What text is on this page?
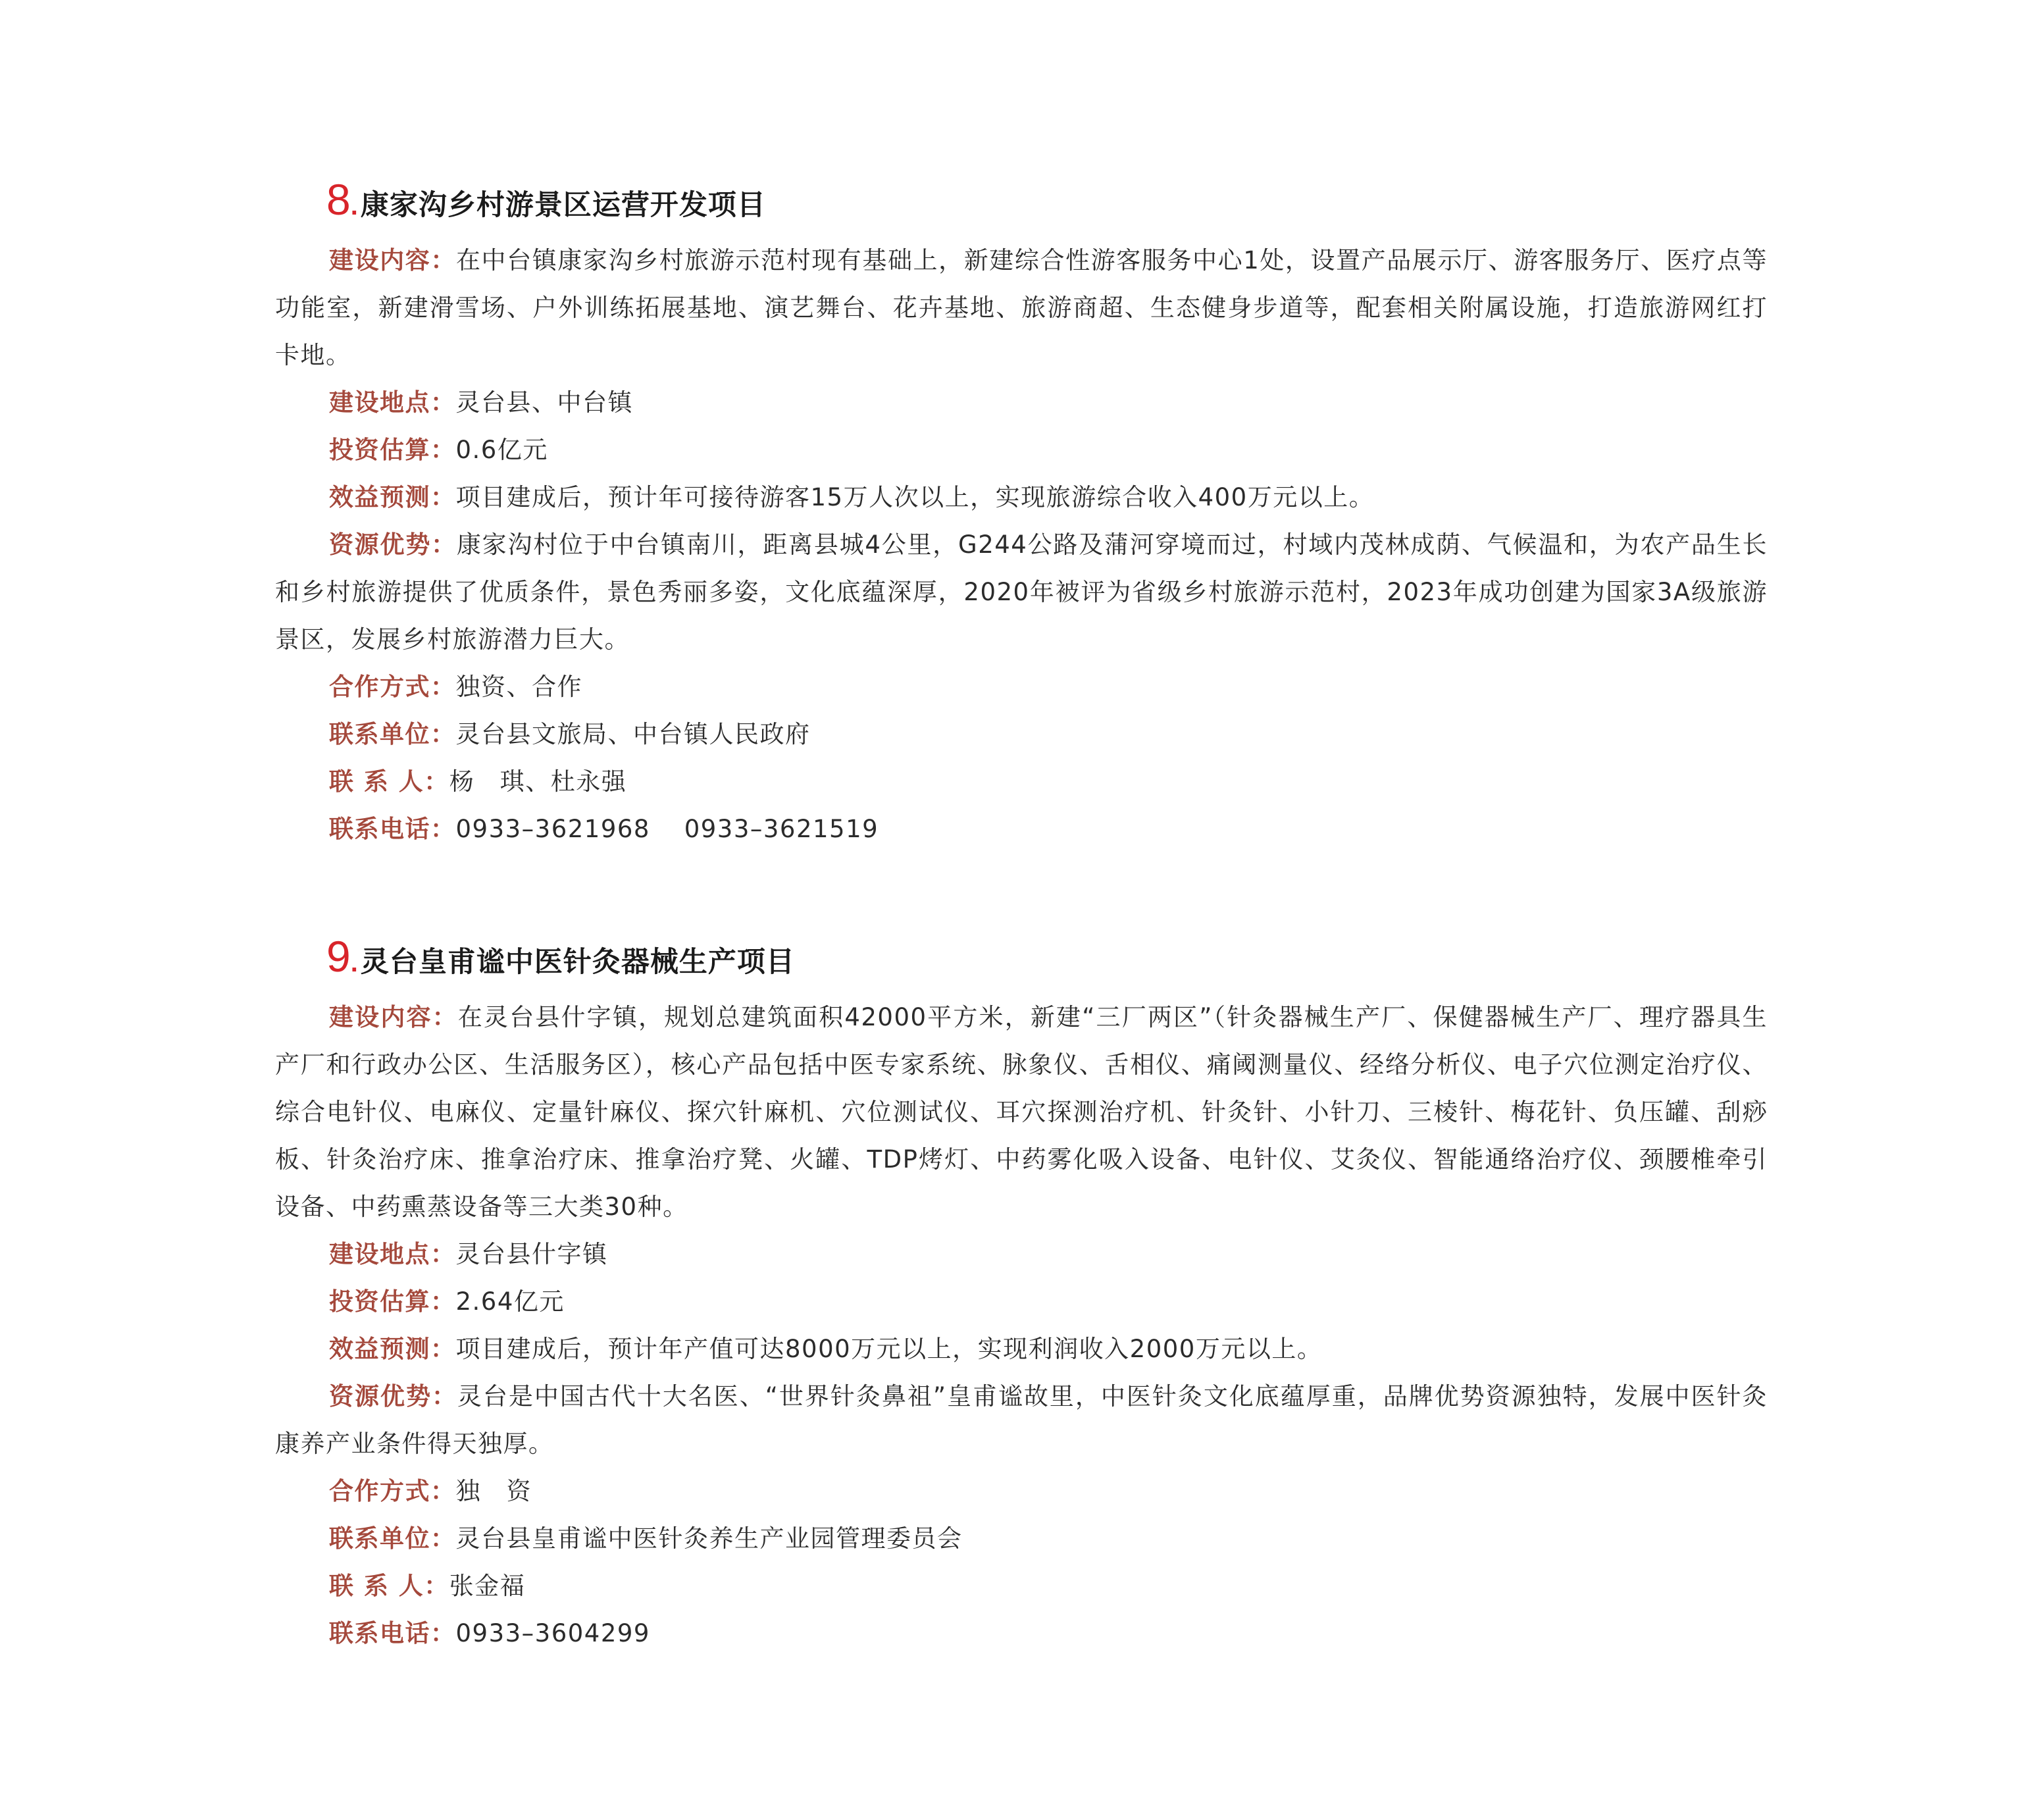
8 . 康家沟乡村游景区运营开发项目

建设内容：在中台镇康家沟乡村旅游示范村现有基础上，新建综合性游客服务中心1处，设置产品展示厅、游客服务厅、医疗点等功能室，新建滑雪场、户外训练拓展基地、演艺舞台、花卉基地、旅游商超、生态健身步道等，配套相关附属设施，打造旅游网红打卡地。

建设地点：灵台县、中台镇

投资估算：0.6亿元

效益预测：项目建成后，预计年可接待游客15万人次以上，实现旅游综合收入400万元以上。

资源优势：康家沟村位于中台镇南川，距离县城4公里，G244公路及蒲河穿境而过，村域内茂林成荫、气候温和，为农产品生长和乡村旅游提供了优质条件，景色秀丽多姿，文化底蕴深厚，2020年被评为省级乡村旅游示范村，2023年成功创建为国家3A级旅游景区，发展乡村旅游潜力巨大。

合作方式：独资、合作

联系单位：灵台县文旅局、中台镇人民政府

联 系 人：杨　琪、杜永强

联系电话：0933–3621968　 0933–3621519

9 . 灵台皇甫谧中医针灸器械生产项目

建设内容：在灵台县什字镇，规划总建筑面积42000平方米，新建“三厂两区”（针灸器械生产厂、保健器械生产厂、理疗器具生产厂和行政办公区、生活服务区），核心产品包括中医专家系统、脉象仪、舌相仪、痛阈测量仪、经络分析仪、电子穴位测定治疗仪、综合电针仪、电麻仪、定量针麻仪、探穴针麻机、穴位测试仪、耳穴探测治疗机、针灸针、小针刀、三棱针、梅花针、负压罐、刮痧板、针灸治疗床、推拿治疗床、推拿治疗凳、火罐、TDP烤灯、中药雾化吸入设备、电针仪、艾灸仪、智能通络治疗仪、颈腰椎牵引设备、中药熏蒸设备等三大类30种。

建设地点：灵台县什字镇

投资估算：2.64亿元

效益预测：项目建成后，预计年产值可达8000万元以上，实现利润收入2000万元以上。

资源优势：灵台是中国古代十大名医、“世界针灸鼻祖”皇甫谧故里，中医针灸文化底蕴厚重，品牌优势资源独特，发展中医针灸康养产业条件得天独厚。

合作方式：独　资

联系单位：灵台县皇甫谧中医针灸养生产业园管理委员会

联 系 人：张金福

联系电话：0933–3604299
